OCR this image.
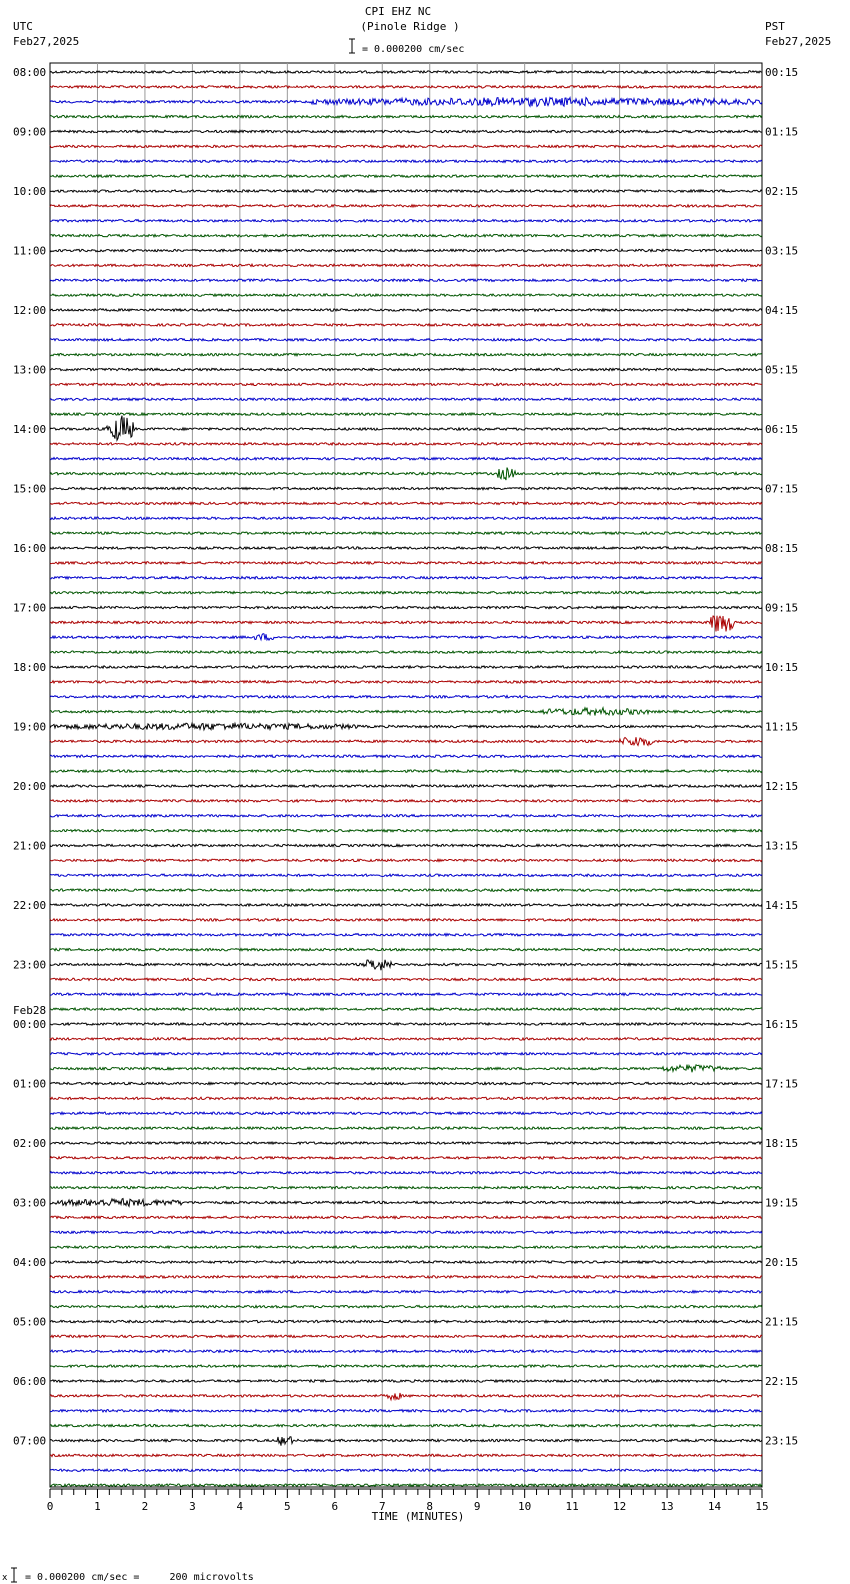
CPI EHZ NC
(Pinole Ridge )
UTC
Feb27,2025
PST
Feb27,2025
= 0.000200 cm/sec
08:00	00:15
09:00	01:15
10:00	02:15
11:00	03:15
12:00	04:15
13:00	05:15
14:00	06:15
15:00	07:15
16:00	08:15
17:00	09:15
18:00	10:15
19:00	11:15
20:00	12:15
21:00	13:15
22:00	14:15
23:00	15:15
00:00	16:15
01:00	17:15
02:00	18:15
03:00	19:15
04:00	20:15
05:00	21:15
06:00	22:15
07:00	23:15
Feb28
0	1	2	3	4	5	6	7	8	9	10	11	12	13	14	15
TIME (MINUTES)
x = 0.000200 cm/sec =     200 microvolts
